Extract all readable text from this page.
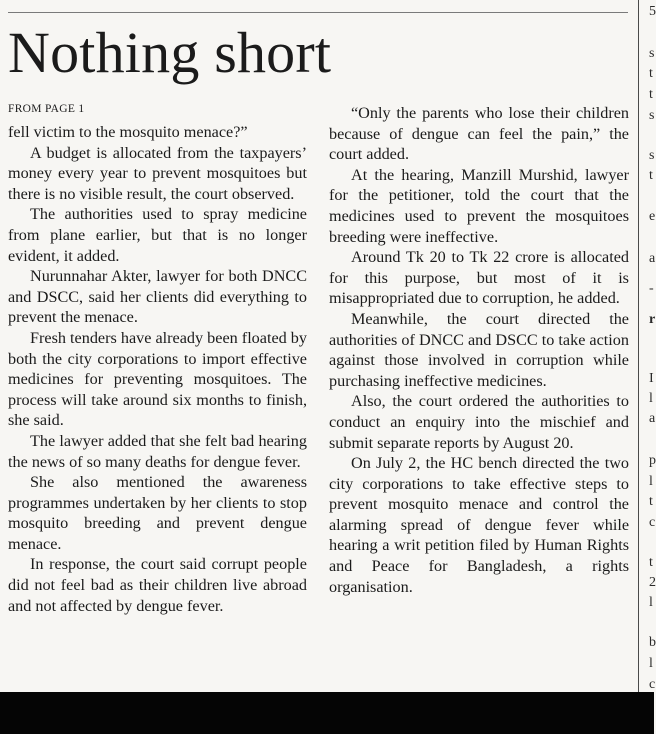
Nothing short
FROM PAGE 1

fell victim to the mosquito menace?”

A budget is allocated from the taxpayers’ money every year to prevent mosquitoes but there is no visible result, the court observed.

The authorities used to spray medicine from plane earlier, but that is no longer evident, it added.

Nurunnahar Akter, lawyer for both DNCC and DSCC, said her clients did everything to prevent the menace.

Fresh tenders have already been floated by both the city corporations to import effective medicines for preventing mosquitoes. The process will take around six months to finish, she said.

The lawyer added that she felt bad hearing the news of so many deaths for dengue fever.

She also mentioned the awareness programmes undertaken by her clients to stop mosquito breeding and prevent dengue menace.

In response, the court said corrupt people did not feel bad as their children live abroad and not affected by dengue fever.

“Only the parents who lose their children because of dengue can feel the pain,” the court added.

At the hearing, Manzill Murshid, lawyer for the petitioner, told the court that the medicines used to prevent the mosquitoes breeding were ineffective.

Around Tk 20 to Tk 22 crore is allocated for this purpose, but most of it is misappropriated due to corruption, he added.

Meanwhile, the court directed the authorities of DNCC and DSCC to take action against those involved in corruption while purchasing ineffective medicines.

Also, the court ordered the authorities to conduct an enquiry into the mischief and submit separate reports by August 20.

On July 2, the HC bench directed the two city corporations to take effective steps to prevent mosquito menace and control the alarming spread of dengue fever while hearing a writ petition filed by Human Rights and Peace for Bangladesh, a rights organisation.

5
s
t
t
s
s
t
e
a
-
r
I
l
a
p
l
t
c
t
2
l
b
l
c
